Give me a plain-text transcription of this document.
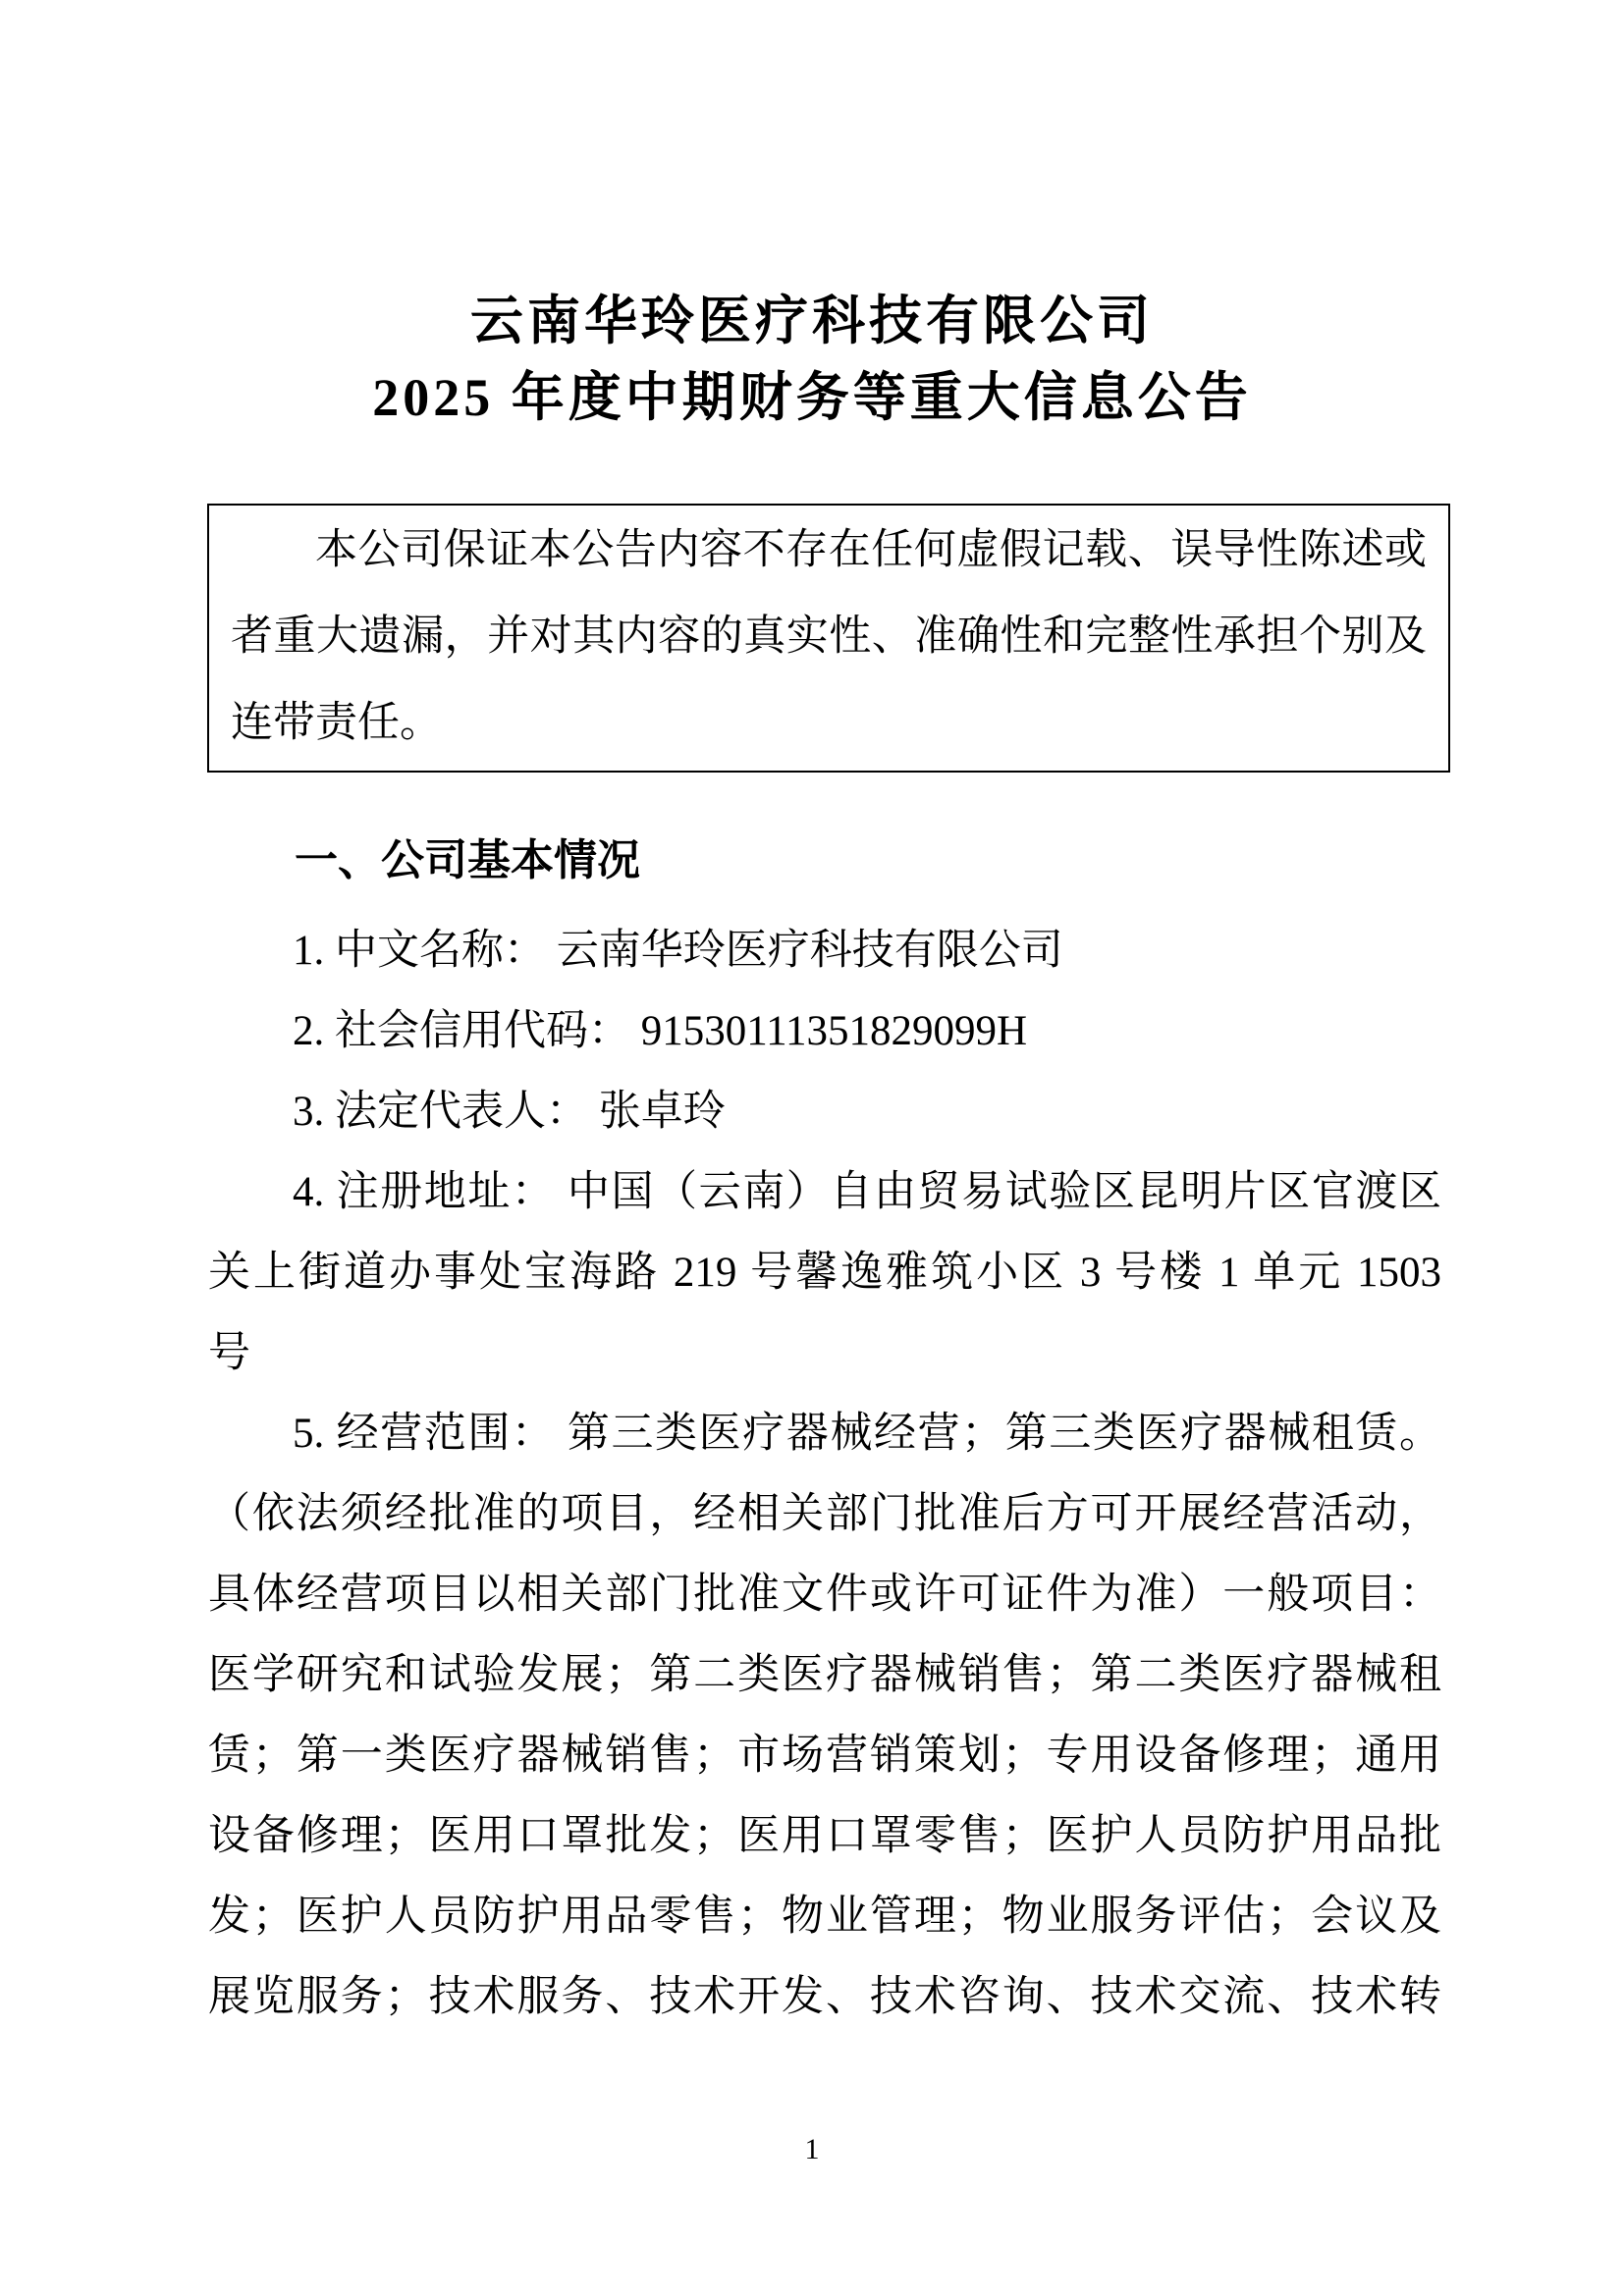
云南华玲医疗科技有限公司
2025 年度中期财务等重大信息公告
本公司保证本公告内容不存在任何虚假记载、误导性陈述或
者重大遗漏，并对其内容的真实性、准确性和完整性承担个别及
连带责任。
一、公司基本情况
1. 中文名称： 云南华玲医疗科技有限公司
2. 社会信用代码： 91530111351829099H
3. 法定代表人： 张卓玲
4. 注册地址： 中国（云南）自由贸易试验区昆明片区官渡区
关上街道办事处宝海路 219 号馨逸雅筑小区 3 号楼 1 单元 1503
号
5. 经营范围： 第三类医疗器械经营；第三类医疗器械租赁。
（依法须经批准的项目，经相关部门批准后方可开展经营活动，
具体经营项目以相关部门批准文件或许可证件为准）一般项目：
医学研究和试验发展；第二类医疗器械销售；第二类医疗器械租
赁；第一类医疗器械销售；市场营销策划；专用设备修理；通用
设备修理；医用口罩批发；医用口罩零售；医护人员防护用品批
发；医护人员防护用品零售；物业管理；物业服务评估；会议及
展览服务；技术服务、技术开发、技术咨询、技术交流、技术转
1
